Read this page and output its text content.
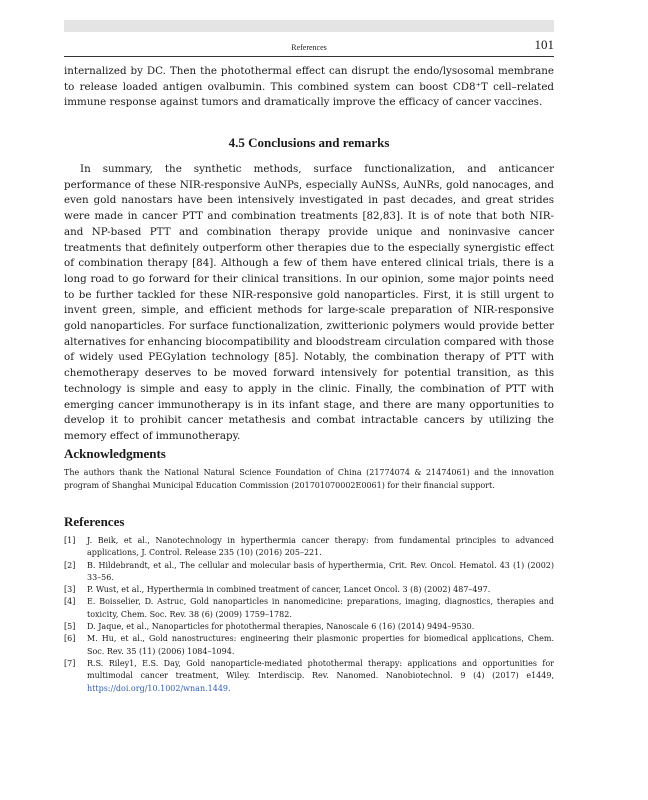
References	101
internalized by DC. Then the photothermal effect can disrupt the endo/lysosomal membrane to release loaded antigen ovalbumin. This combined system can boost CD8⁺T cell–related immune response against tumors and dramatically improve the efficacy of cancer vaccines.
4.5 Conclusions and remarks
In summary, the synthetic methods, surface functionalization, and anticancer performance of these NIR-responsive AuNPs, especially AuNSs, AuNRs, gold nanocages, and even gold nanostars have been intensively investigated in past decades, and great strides were made in cancer PTT and combination treatments [82,83]. It is of note that both NIR- and NP-based PTT and combination therapy provide unique and noninvasive cancer treatments that definitely outperform other therapies due to the especially synergistic effect of combination therapy [84]. Although a few of them have entered clinical trials, there is a long road to go forward for their clinical transitions. In our opinion, some major points need to be further tackled for these NIR-responsive gold nanoparticles. First, it is still urgent to invent green, simple, and efficient methods for large-scale preparation of NIR-responsive gold nanoparticles. For surface functionalization, zwitterionic polymers would provide better alternatives for enhancing biocompatibility and bloodstream circulation compared with those of widely used PEGylation technology [85]. Notably, the combination therapy of PTT with chemotherapy deserves to be moved forward intensively for potential transition, as this technology is simple and easy to apply in the clinic. Finally, the combination of PTT with emerging cancer immunotherapy is in its infant stage, and there are many opportunities to develop it to prohibit cancer metathesis and combat intractable cancers by utilizing the memory effect of immunotherapy.
Acknowledgments
The authors thank the National Natural Science Foundation of China (21774074 & 21474061) and the innovation program of Shanghai Municipal Education Commission (201701070002E0061) for their financial support.
References
[1] J. Beik, et al., Nanotechnology in hyperthermia cancer therapy: from fundamental principles to advanced applications, J. Control. Release 235 (10) (2016) 205–221.
[2] B. Hildebrandt, et al., The cellular and molecular basis of hyperthermia, Crit. Rev. Oncol. Hematol. 43 (1) (2002) 33–56.
[3] P. Wust, et al., Hyperthermia in combined treatment of cancer, Lancet Oncol. 3 (8) (2002) 487–497.
[4] E. Boisselier, D. Astruc, Gold nanoparticles in nanomedicine: preparations, imaging, diagnostics, therapies and toxicity, Chem. Soc. Rev. 38 (6) (2009) 1759–1782.
[5] D. Jaque, et al., Nanoparticles for photothermal therapies, Nanoscale 6 (16) (2014) 9494–9530.
[6] M. Hu, et al., Gold nanostructures: engineering their plasmonic properties for biomedical applications, Chem. Soc. Rev. 35 (11) (2006) 1084–1094.
[7] R.S. Riley1, E.S. Day, Gold nanoparticle-mediated photothermal therapy: applications and opportunities for multimodal cancer treatment, Wiley. Interdiscip. Rev. Nanomed. Nanobiotechnol. 9 (4) (2017) e1449, https://doi.org/10.1002/wnan.1449.
